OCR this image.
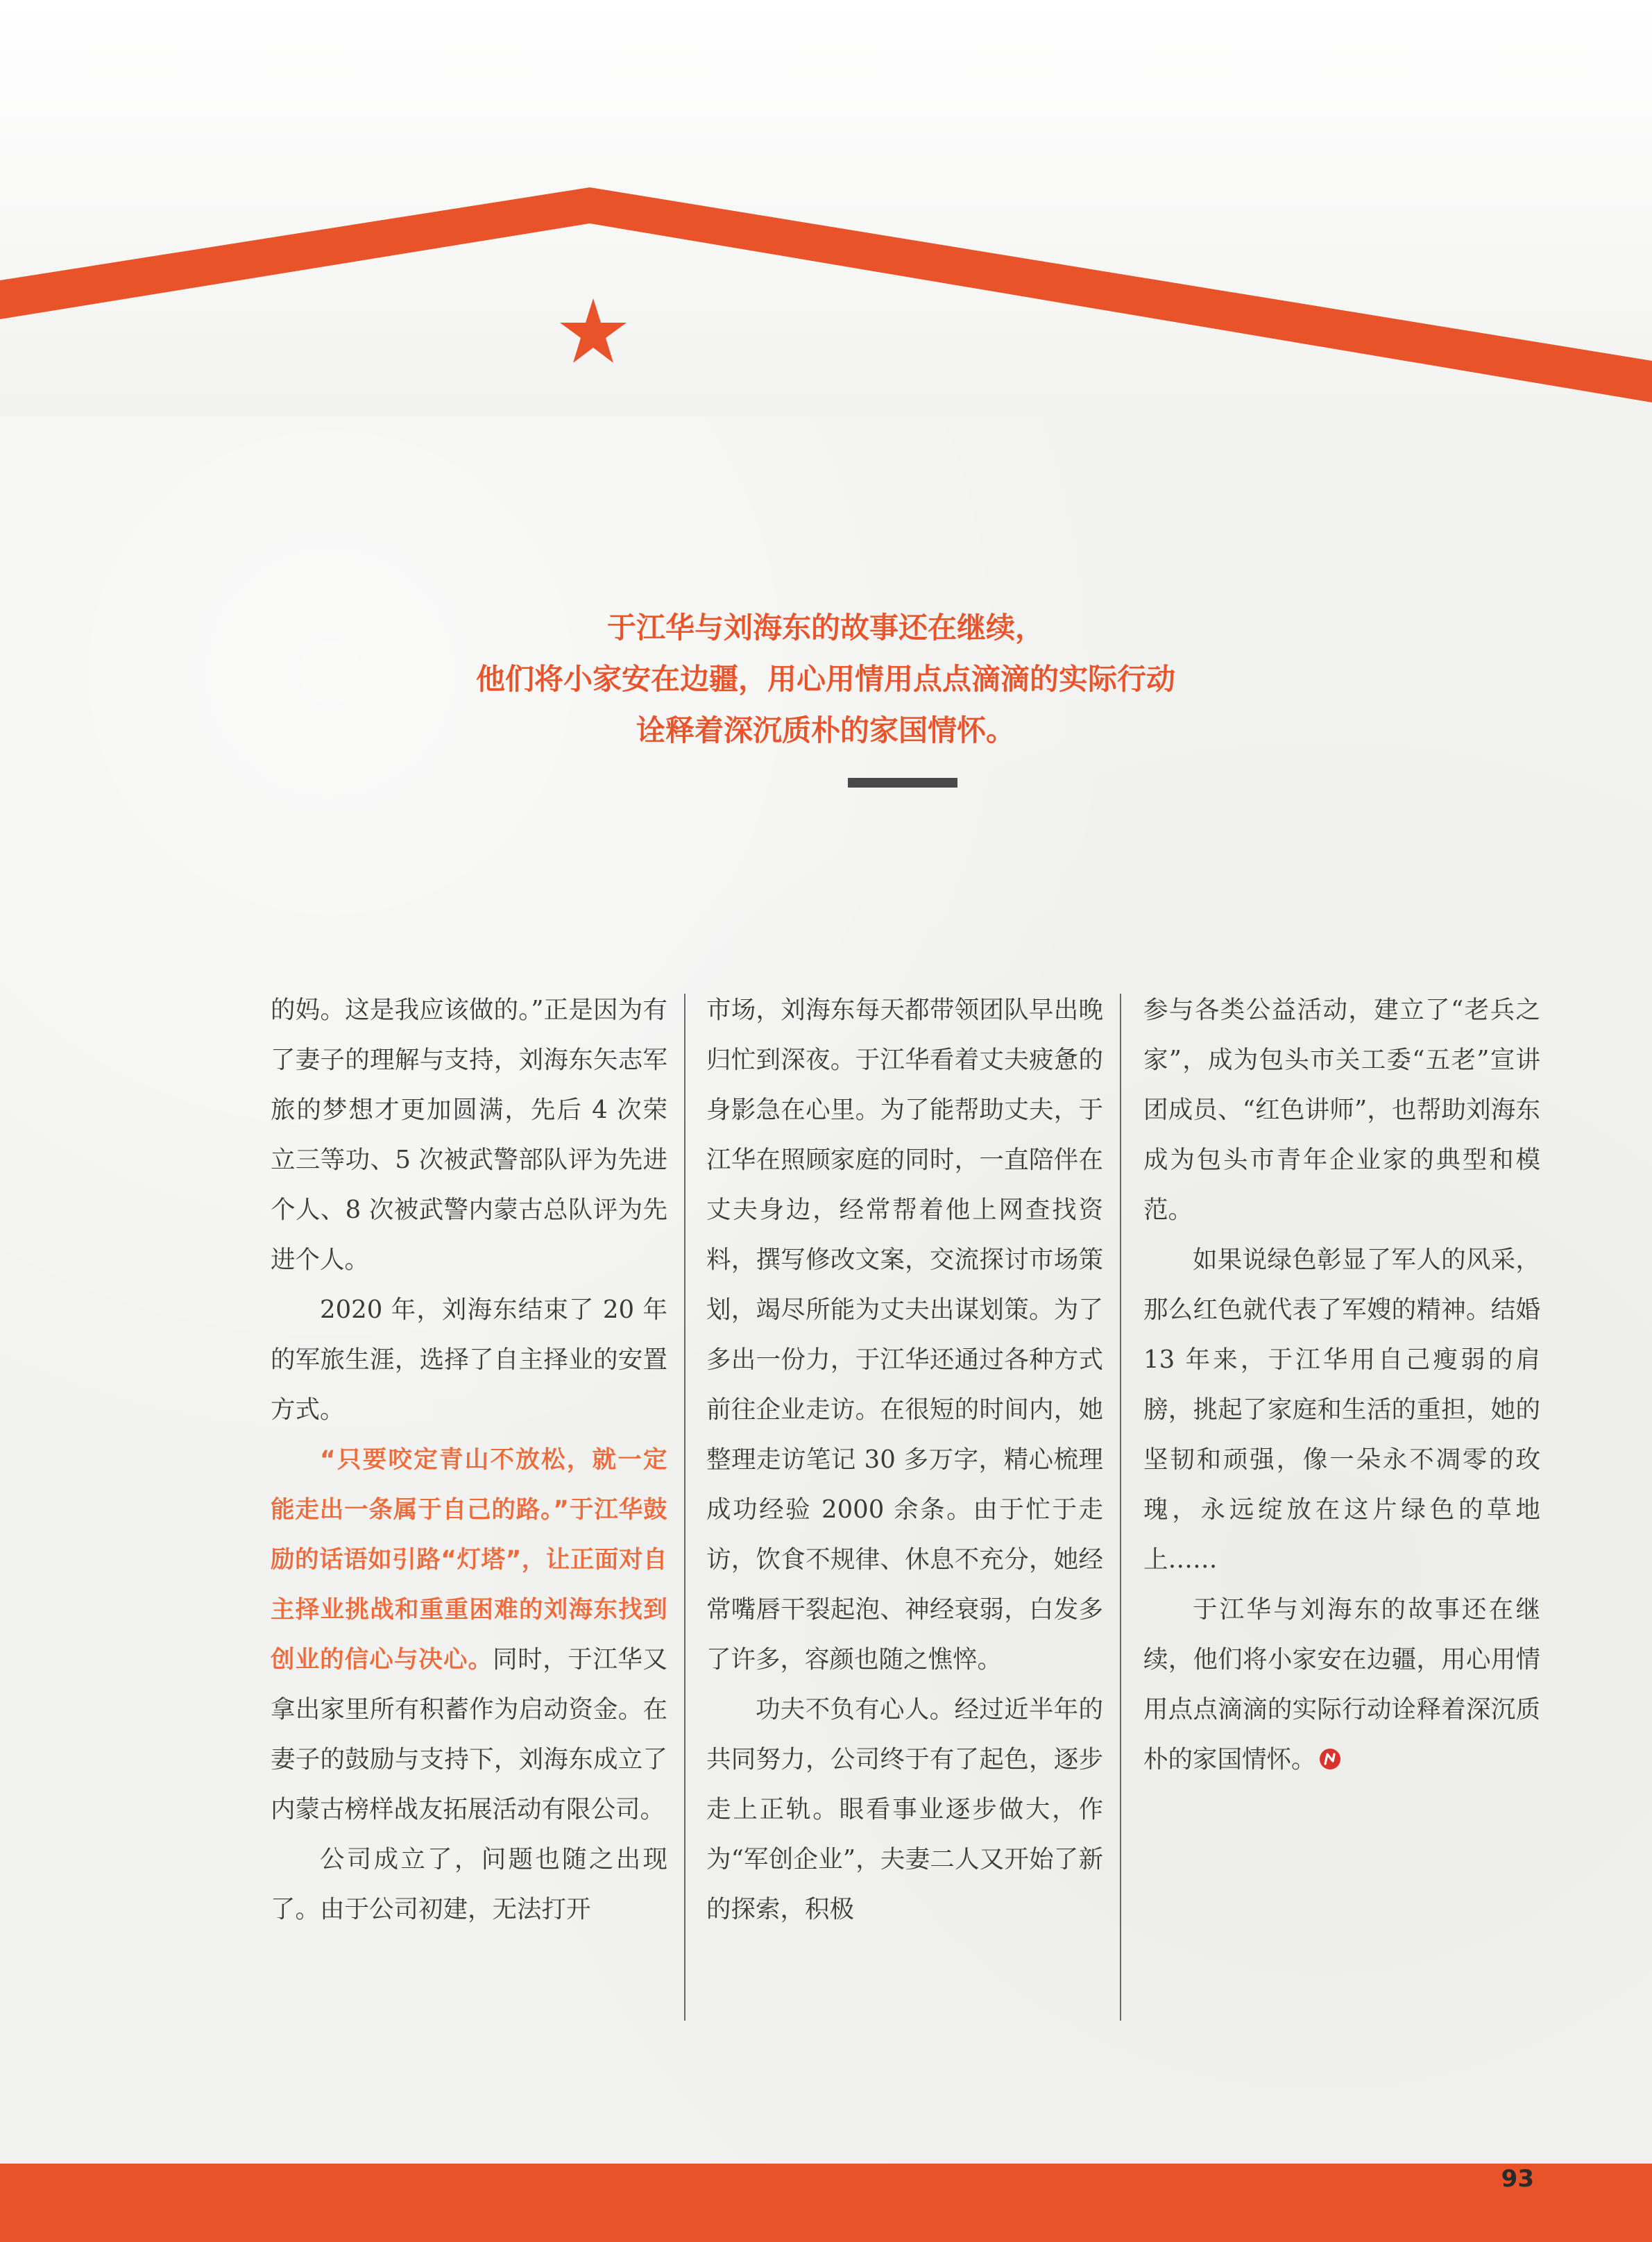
于江华与刘海东的故事还在继续，
他们将小家安在边疆，用心用情用点点滴滴的实际行动
诠释着深沉质朴的家国情怀。

的妈。这是我应该做的。”正是因为有了妻子的理解与支持，刘海东矢志军旅的梦想才更加圆满，先后 4 次荣立三等功、5 次被武警部队评为先进个人、8 次被武警内蒙古总队评为先进个人。

2020 年，刘海东结束了 20 年的军旅生涯，选择了自主择业的安置方式。

“只要咬定青山不放松，就一定能走出一条属于自己的路。”于江华鼓励的话语如引路“灯塔”，让正面对自主择业挑战和重重困难的刘海东找到创业的信心与决心。同时，于江华又拿出家里所有积蓄作为启动资金。在妻子的鼓励与支持下，刘海东成立了内蒙古榜样战友拓展活动有限公司。

公司成立了，问题也随之出现了。由于公司初建，无法打开

市场，刘海东每天都带领团队早出晚归忙到深夜。于江华看着丈夫疲惫的身影急在心里。为了能帮助丈夫，于江华在照顾家庭的同时，一直陪伴在丈夫身边，经常帮着他上网查找资料，撰写修改文案，交流探讨市场策划，竭尽所能为丈夫出谋划策。为了多出一份力，于江华还通过各种方式前往企业走访。在很短的时间内，她整理走访笔记 30 多万字，精心梳理成功经验 2000 余条。由于忙于走访，饮食不规律、休息不充分，她经常嘴唇干裂起泡、神经衰弱，白发多了许多，容颜也随之憔悴。

功夫不负有心人。经过近半年的共同努力，公司终于有了起色，逐步走上正轨。眼看事业逐步做大，作为“军创企业”，夫妻二人又开始了新的探索，积极

参与各类公益活动，建立了“老兵之家”，成为包头市关工委“五老”宣讲团成员、“红色讲师”，也帮助刘海东成为包头市青年企业家的典型和模范。

如果说绿色彰显了军人的风采，那么红色就代表了军嫂的精神。结婚 13 年来，于江华用自己瘦弱的肩膀，挑起了家庭和生活的重担，她的坚韧和顽强，像一朵永不凋零的玫瑰，永远绽放在这片绿色的草地上……

于江华与刘海东的故事还在继续，他们将小家安在边疆，用心用情用点点滴滴的实际行动诠释着深沉质朴的家国情怀。

93
